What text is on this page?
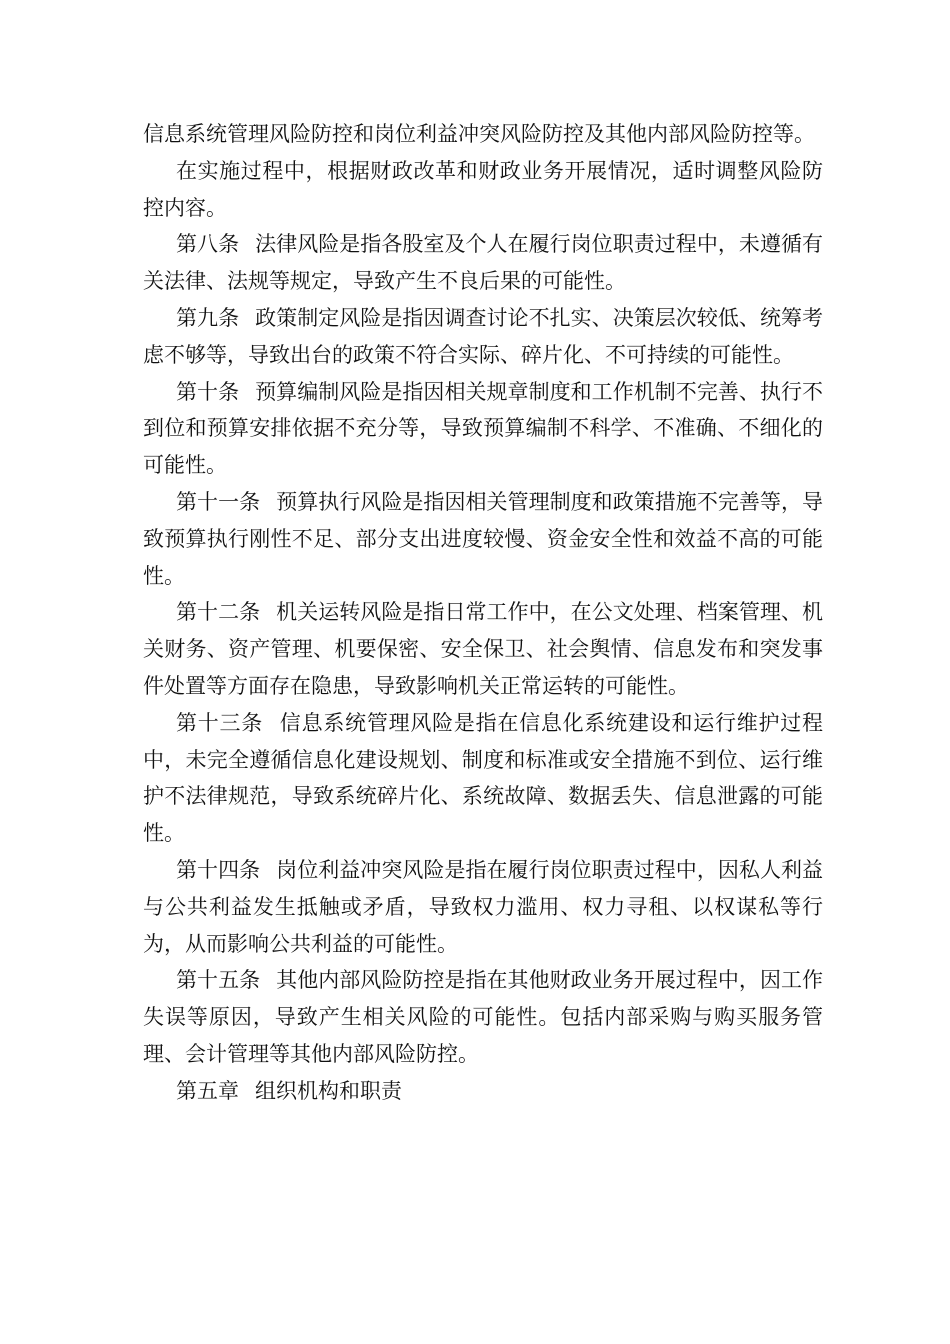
信息系统管理风险防控和岗位利益冲突风险防控及其他内部风险防控等。

在实施过程中，根据财政改革和财政业务开展情况，适时调整风险防控内容。

第八条 法律风险是指各股室及个人在履行岗位职责过程中，未遵循有关法律、法规等规定，导致产生不良后果的可能性。

第九条 政策制定风险是指因调查讨论不扎实、决策层次较低、统筹考虑不够等，导致出台的政策不符合实际、碎片化、不可持续的可能性。

第十条 预算编制风险是指因相关规章制度和工作机制不完善、执行不到位和预算安排依据不充分等，导致预算编制不科学、不准确、不细化的可能性。

第十一条 预算执行风险是指因相关管理制度和政策措施不完善等，导致预算执行刚性不足、部分支出进度较慢、资金安全性和效益不高的可能性。

第十二条 机关运转风险是指日常工作中，在公文处理、档案管理、机关财务、资产管理、机要保密、安全保卫、社会舆情、信息发布和突发事件处置等方面存在隐患，导致影响机关正常运转的可能性。

第十三条 信息系统管理风险是指在信息化系统建设和运行维护过程中，未完全遵循信息化建设规划、制度和标准或安全措施不到位、运行维护不法律规范，导致系统碎片化、系统故障、数据丢失、信息泄露的可能性。

第十四条 岗位利益冲突风险是指在履行岗位职责过程中，因私人利益与公共利益发生抵触或矛盾，导致权力滥用、权力寻租、以权谋私等行为，从而影响公共利益的可能性。

第十五条 其他内部风险防控是指在其他财政业务开展过程中，因工作失误等原因，导致产生相关风险的可能性。包括内部采购与购买服务管理、会计管理等其他内部风险防控。

第五章 组织机构和职责
